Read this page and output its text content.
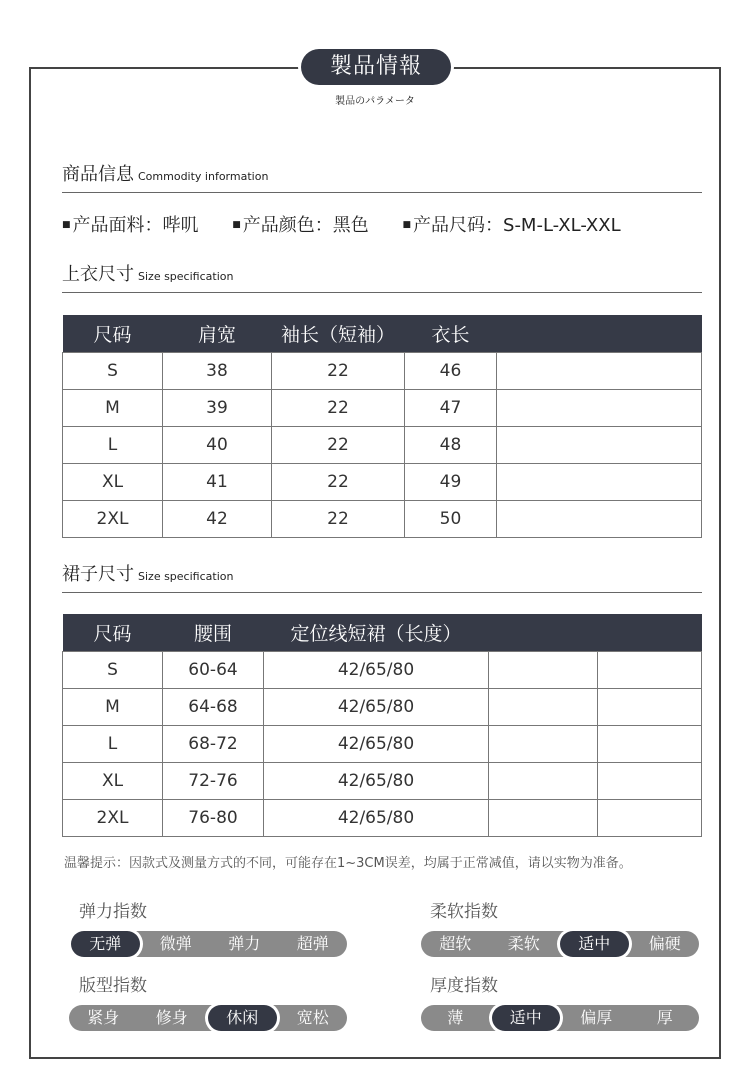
製品情報
製品のパラメータ
商品信息 Commodity information
■ 产品面料：哔叽 ■ 产品颜色：黑色 ■ 产品尺码：S-M-L-XL-XXL
上衣尺寸 Size specification
尺码	肩宽	袖长（短袖）	衣长	
S	38	22	46	
M	39	22	47	
L	40	22	48	
XL	41	22	49	
2XL	42	22	50	
裙子尺寸 Size specification
尺码	腰围	定位线短裙（长度）		
S	60-64	42/65/80		
M	64-68	42/65/80		
L	68-72	42/65/80		
XL	72-76	42/65/80		
2XL	76-80	42/65/80		
温馨提示：因款式及测量方式的不同，可能存在1~3CM误差，均属于正常减值，请以实物为准备。
弹力指数
无弹	微弹	弹力	超弹
柔软指数
超软	柔软	适中	偏硬
版型指数
紧身	修身	休闲	宽松
厚度指数
薄	适中	偏厚	厚
